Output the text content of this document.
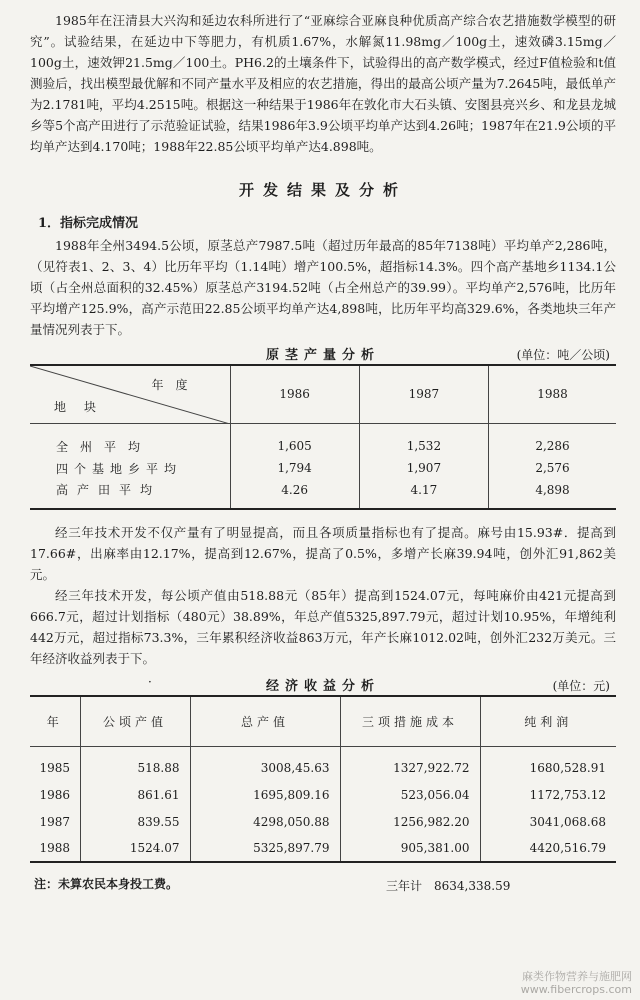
1985年在汪清县大兴沟和延边农科所进行了“亚麻综合亚麻良种优质高产综合农艺措施数学模型的研究”。试验结果，在延边中下等肥力，有机质1.67%，水解氮11.98mg／100g土，速效磷3.15mg／100g土，速效钾21.5mg／100土。PH6.2的土壤条件下，试验得出的高产数学模式，经过F值检验和t值测验后，找出模型最优解和不同产量水平及相应的农艺措施，得出的最高公顷产量为7.2645吨，最低单产为2.1781吨，平均4.2515吨。根据这一种结果于1986年在敦化市大石头镇、安图县亮兴乡、和龙县龙城乡等5个高产田进行了示范验证试验，结果1986年3.9公顷平均单产达到4.26吨；1987年在21.9公顷的平均单产达到4.170吨；1988年22.85公顷平均单产达4.898吨。

开发结果及分析
1．指标完成情况

1988年全州3494.5公顷，原茎总产7987.5吨（超过历年最高的85年7138吨）平均单产2,286吨，（见符表1、2、3、4）比历年平均（1.14吨）增产100.5%，超指标14.3%。四个高产基地乡1134.1公顷（占全州总面积的32.45%）原茎总产3194.52吨（占全州总产的39.99）。平均单产2,576吨，比历年平均增产125.9%，高产示范田22.85公顷平均单产达4,898吨，比历年平均高329.6%，各类地块三年产量情况列表于下。

原茎产量分析	(单位：吨／公顷)
年度
地块	1986	1987	1988
全州平均	1,605	1,532	2,286
四个基地乡平均	1,794	1,907	2,576
高产田平均	4.26	4.17	4,898

经三年技术开发不仅产量有了明显提高，而且各项质量指标也有了提高。麻号由15.93#．提高到17.66#，出麻率由12.17%，提高到12.67%，提高了0.5%，多增产长麻39.94吨，创外汇91,862美元。

经三年技术开发，每公顷产值由518.88元（85年）提高到1524.07元，每吨麻价由421元提高到666.7元，超过计划指标（480元）38.89%，年总产值5325,897.79元，超过计划10.95%，年增纯利442万元，超过指标73.3%，三年累积经济收益863万元，年产长麻1012.02吨，创外汇232万美元。三年经济收益列表于下。

·	经济收益分析	(单位：元)
年	公顷产值	总产值	三项措施成本	纯利润
1985	518.88	3008,45.63	1327,922.72	1680,528.91
1986	861.61	1695,809.16	523,056.04	1172,753.12
1987	839.55	4298,050.88	1256,982.20	3041,068.68
1988	1524.07	5325,897.79	905,381.00	4420,516.79
注：未算农民本身投工费。	三年计　8634,338.59
麻类作物营养与施肥网
www.fibercrops.com
